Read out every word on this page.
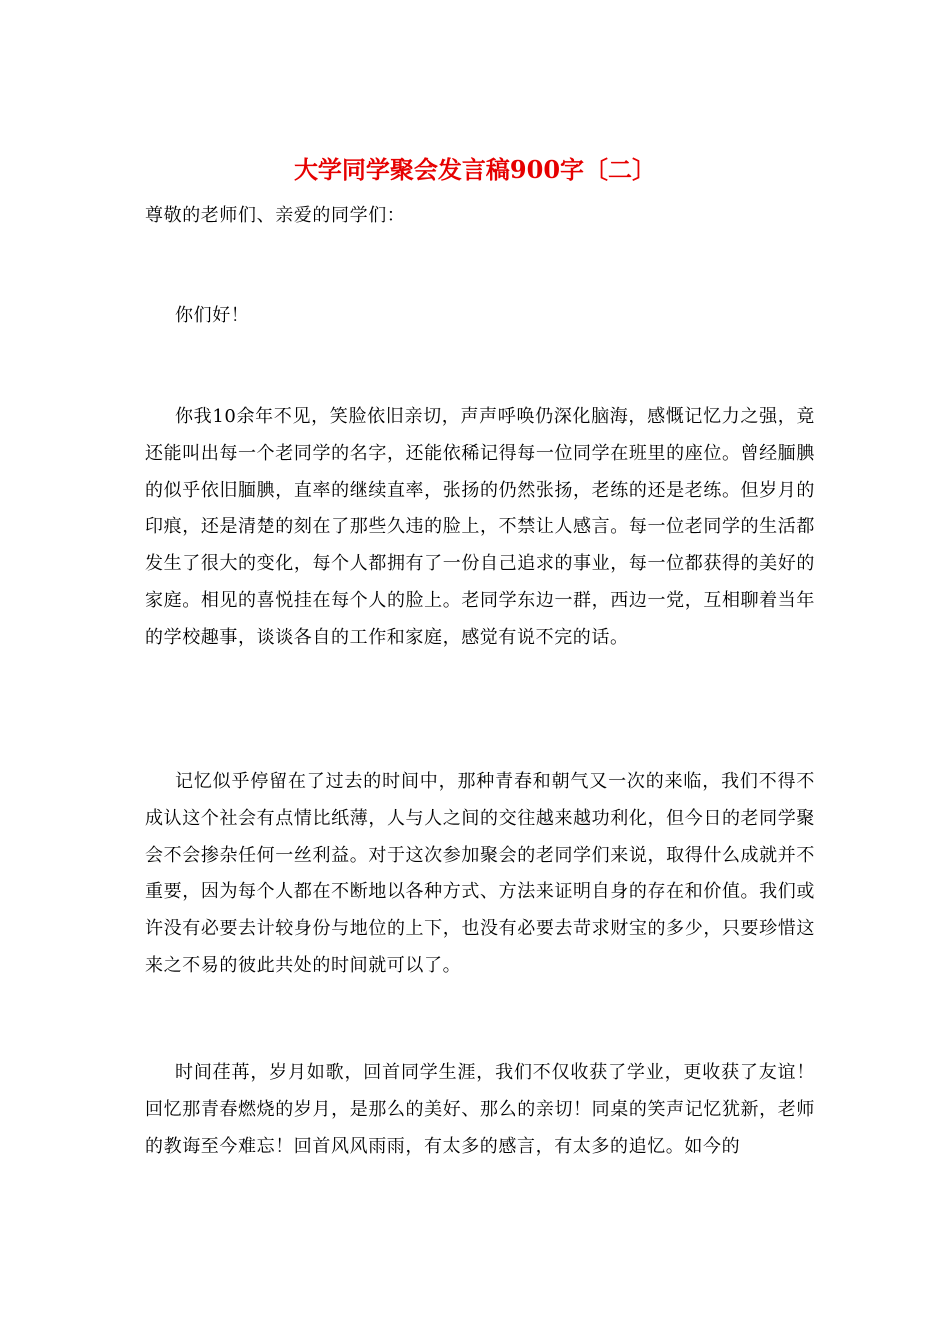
大学同学聚会发言稿900字〔二〕

尊敬的老师们、亲爱的同学们：

你们好！

你我10余年不见，笑脸依旧亲切，声声呼唤仍深化脑海，感慨记忆力之强，竟还能叫出每一个老同学的名字，还能依稀记得每一位同学在班里的座位。曾经腼腆的似乎依旧腼腆，直率的继续直率，张扬的仍然张扬，老练的还是老练。但岁月的印痕，还是清楚的刻在了那些久违的脸上，不禁让人感言。每一位老同学的生活都发生了很大的变化，每个人都拥有了一份自己追求的事业，每一位都获得的美好的家庭。相见的喜悦挂在每个人的脸上。老同学东边一群，西边一党，互相聊着当年的学校趣事，谈谈各自的工作和家庭，感觉有说不完的话。

记忆似乎停留在了过去的时间中，那种青春和朝气又一次的来临，我们不得不成认这个社会有点情比纸薄，人与人之间的交往越来越功利化，但今日的老同学聚会不会掺杂任何一丝利益。对于这次参加聚会的老同学们来说，取得什么成就并不重要，因为每个人都在不断地以各种方式、方法来证明自身的存在和价值。我们或许没有必要去计较身份与地位的上下，也没有必要去苛求财宝的多少，只要珍惜这来之不易的彼此共处的时间就可以了。

时间荏苒，岁月如歌，回首同学生涯，我们不仅收获了学业，更收获了友谊！回忆那青春燃烧的岁月，是那么的美好、那么的亲切！同桌的笑声记忆犹新，老师的教诲至今难忘！回首风风雨雨，有太多的感言，有太多的追忆。如今的
